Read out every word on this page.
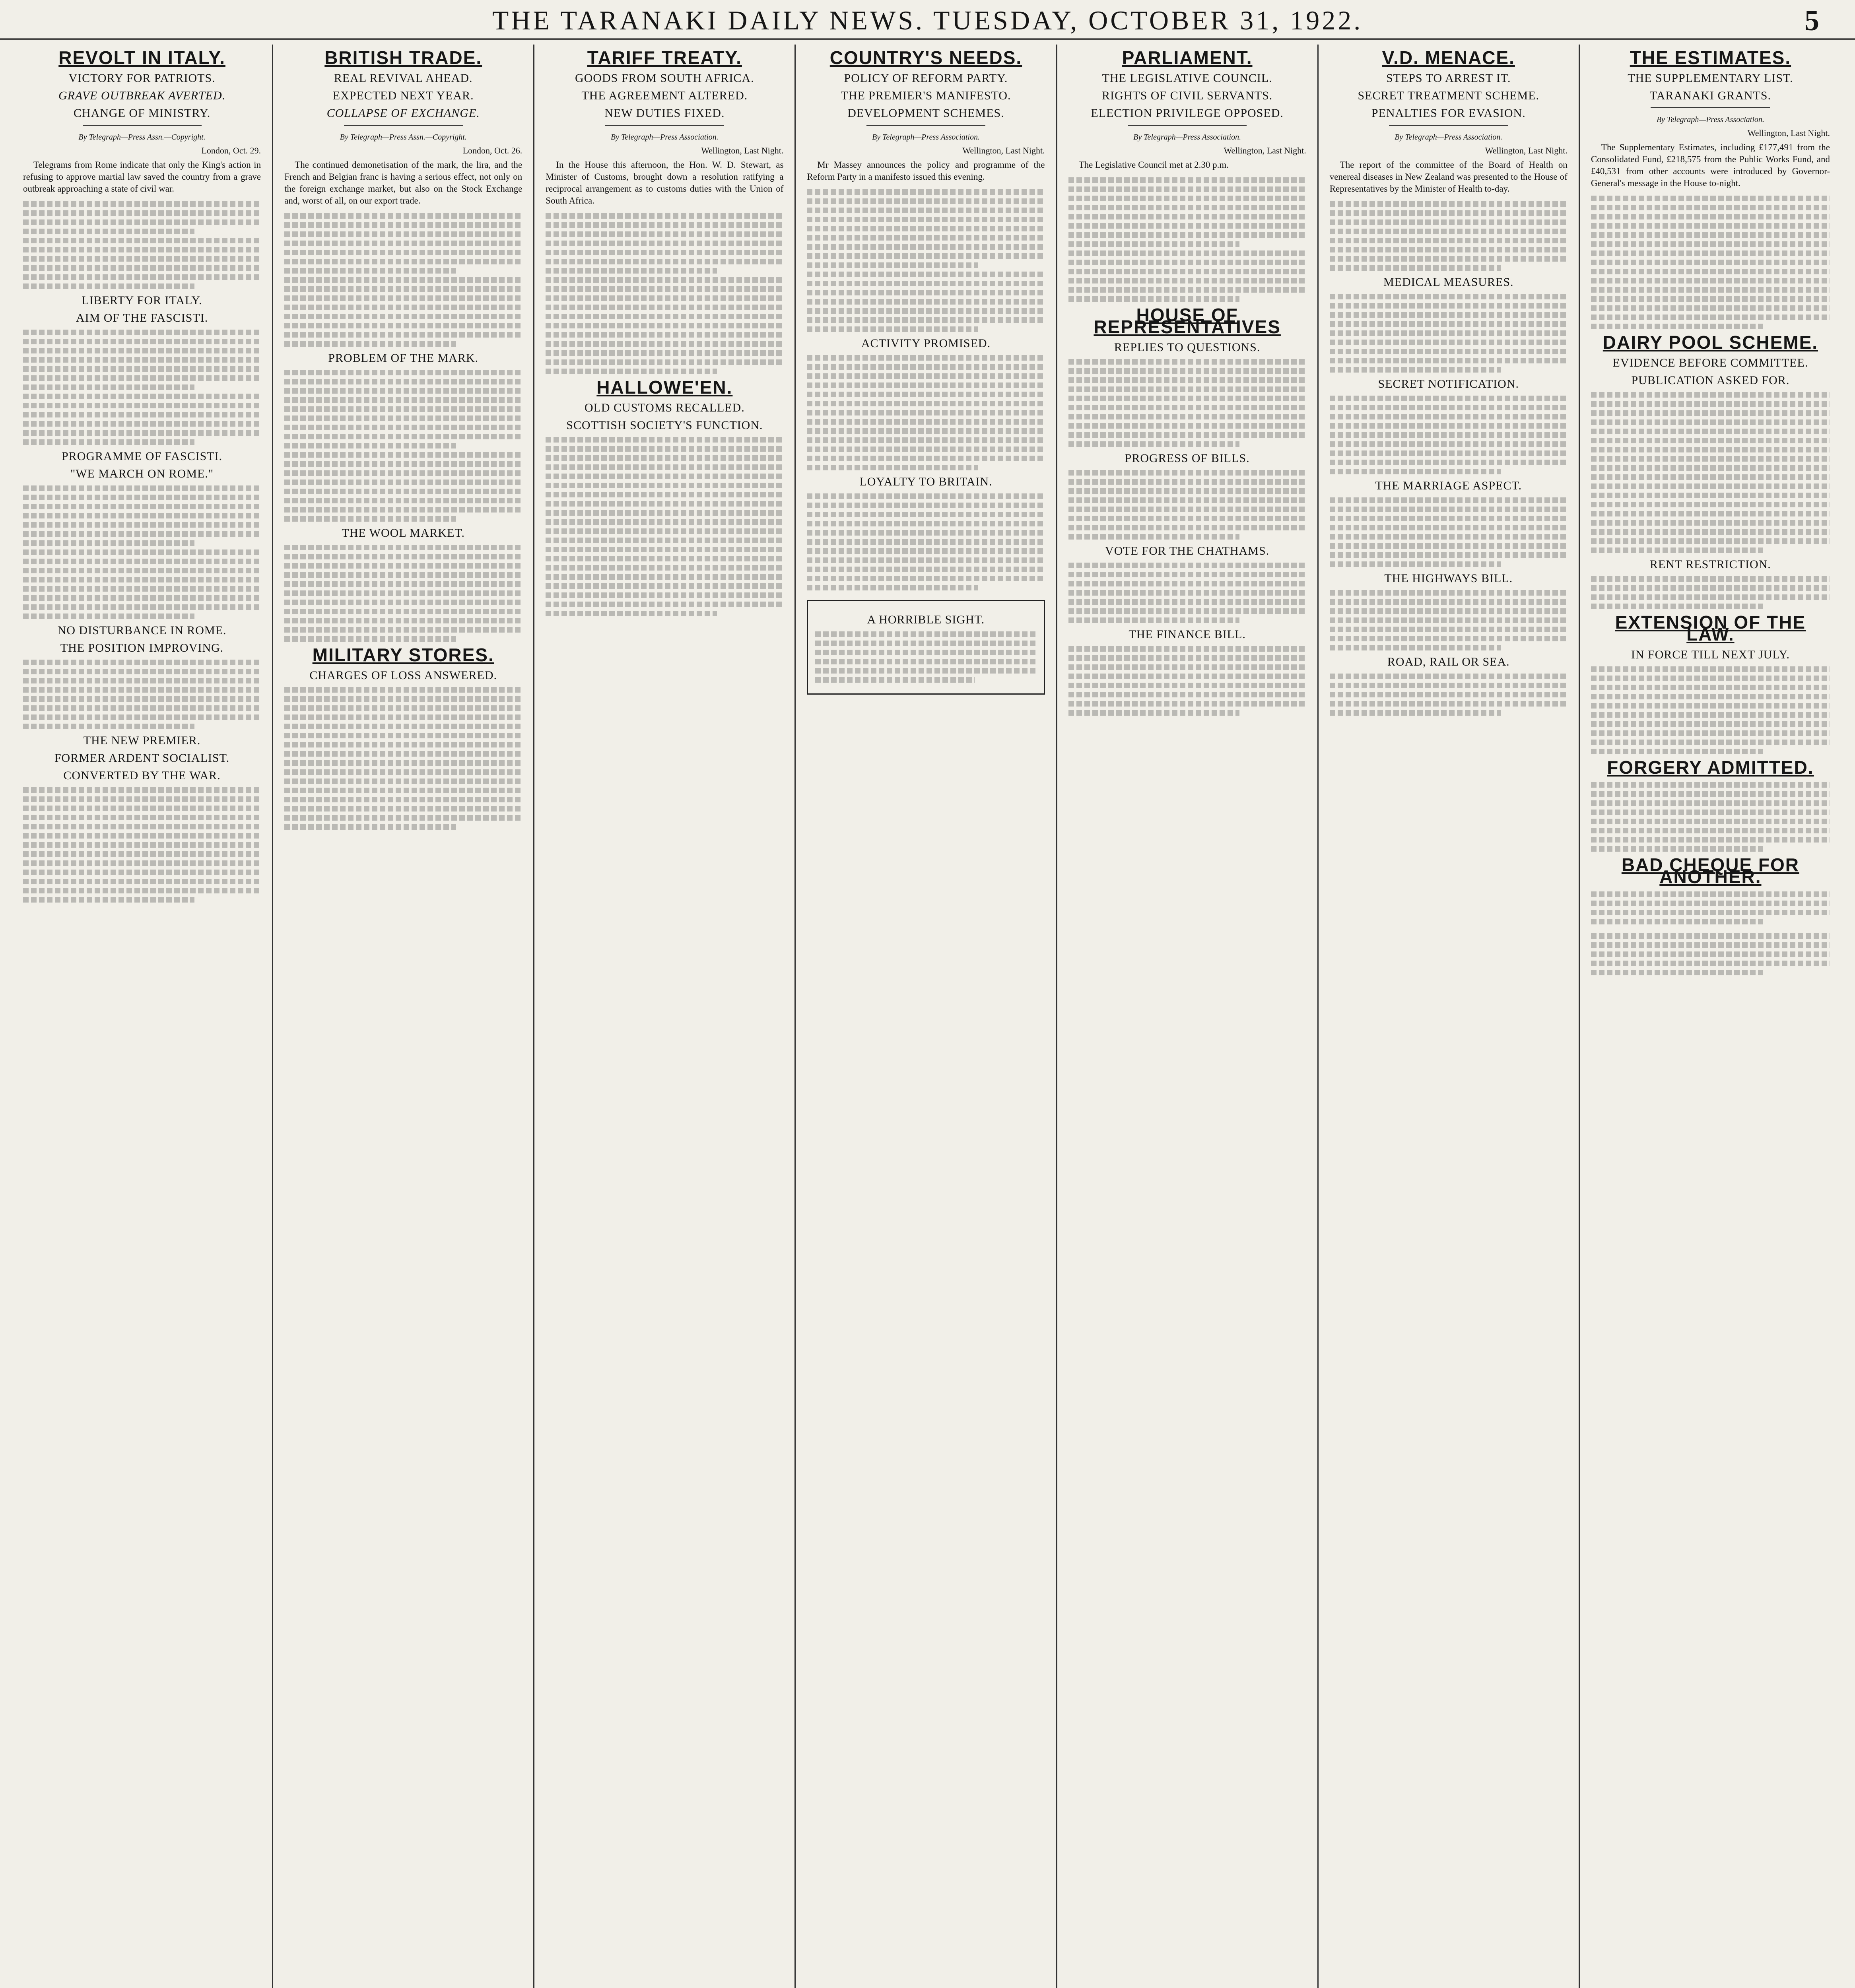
THE TARANAKI DAILY NEWS. TUESDAY, OCTOBER 31, 1922.	5
REVOLT IN ITALY.
VICTORY FOR PATRIOTS.
GRAVE OUTBREAK AVERTED.
CHANGE OF MINISTRY.
By Telegraph—Press Assn.—Copyright.
London, Oct. 29.

Telegrams from Rome indicate that only the King's action in refusing to approve martial law saved the country from a grave outbreak approaching a state of civil war.

LIBERTY FOR ITALY.
AIM OF THE FASCISTI.
PROGRAMME OF FASCISTI.
"WE MARCH ON ROME."
NO DISTURBANCE IN ROME.
THE POSITION IMPROVING.
THE NEW PREMIER.
FORMER ARDENT SOCIALIST.
CONVERTED BY THE WAR.
BRITISH TRADE.
REAL REVIVAL AHEAD.
EXPECTED NEXT YEAR.
COLLAPSE OF EXCHANGE.
By Telegraph—Press Assn.—Copyright.
London, Oct. 26.

The continued demonetisation of the mark, the lira, and the French and Belgian franc is having a serious effect, not only on the foreign exchange market, but also on the Stock Exchange and, worst of all, on our export trade.

PROBLEM OF THE MARK.
THE WOOL MARKET.
MILITARY STORES.
CHARGES OF LOSS ANSWERED.
TARIFF TREATY.
GOODS FROM SOUTH AFRICA.
THE AGREEMENT ALTERED.
NEW DUTIES FIXED.
By Telegraph—Press Association.
Wellington, Last Night.

In the House this afternoon, the Hon. W. D. Stewart, as Minister of Customs, brought down a resolution ratifying a reciprocal arrangement as to customs duties with the Union of South Africa.

HALLOWE'EN.
OLD CUSTOMS RECALLED.
SCOTTISH SOCIETY'S FUNCTION.
COUNTRY'S NEEDS.
POLICY OF REFORM PARTY.
THE PREMIER'S MANIFESTO.
DEVELOPMENT SCHEMES.
By Telegraph—Press Association.
Wellington, Last Night.

Mr Massey announces the policy and programme of the Reform Party in a manifesto issued this evening.

ACTIVITY PROMISED.
LOYALTY TO BRITAIN.
A HORRIBLE SIGHT.
PARLIAMENT.
THE LEGISLATIVE COUNCIL.
RIGHTS OF CIVIL SERVANTS.
ELECTION PRIVILEGE OPPOSED.
By Telegraph—Press Association.
Wellington, Last Night.

The Legislative Council met at 2.30 p.m.

HOUSE OF REPRESENTATIVES
REPLIES TO QUESTIONS.
PROGRESS OF BILLS.
VOTE FOR THE CHATHAMS.
THE FINANCE BILL.
V.D. MENACE.
STEPS TO ARREST IT.
SECRET TREATMENT SCHEME.
PENALTIES FOR EVASION.
By Telegraph—Press Association.
Wellington, Last Night.

The report of the committee of the Board of Health on venereal diseases in New Zealand was presented to the House of Representatives by the Minister of Health to-day.

MEDICAL MEASURES.
SECRET NOTIFICATION.
THE MARRIAGE ASPECT.
THE HIGHWAYS BILL.
ROAD, RAIL OR SEA.
THE ESTIMATES.
THE SUPPLEMENTARY LIST.
TARANAKI GRANTS.
By Telegraph—Press Association.
Wellington, Last Night.

The Supplementary Estimates, including £177,491 from the Consolidated Fund, £218,575 from the Public Works Fund, and £40,531 from other accounts were introduced by Governor-General's message in the House to-night.

DAIRY POOL SCHEME.
EVIDENCE BEFORE COMMITTEE.
PUBLICATION ASKED FOR.
RENT RESTRICTION.
EXTENSION OF THE LAW.
IN FORCE TILL NEXT JULY.
FORGERY ADMITTED.
BAD CHEQUE FOR ANOTHER.
